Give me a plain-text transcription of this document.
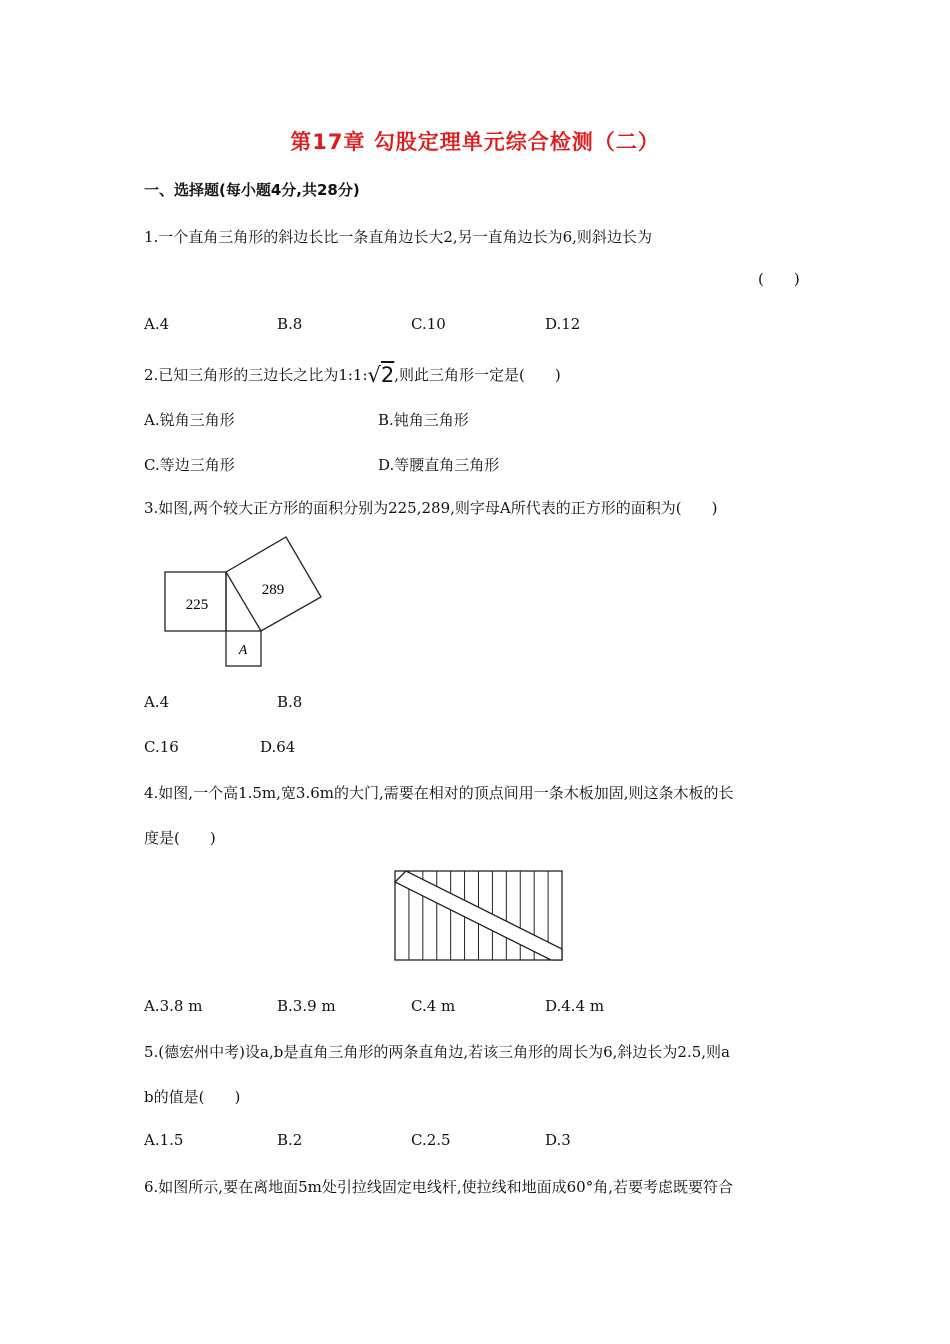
第17章 勾股定理单元综合检测（二）
一、选择题(每小题4分,共28分)
1.一个直角三角形的斜边长比一条直角边长大2,另一直角边长为6,则斜边长为
(　　)
A.4	B.8	C.10	D.12
2.已知三角形的三边长之比为1:1:√2,则此三角形一定是(　　)
A.锐角三角形	B.钝角三角形
C.等边三角形	D.等腰直角三角形
3.如图,两个较大正方形的面积分别为225,289,则字母A所代表的正方形的面积为(　　)
225
289
A
A.4	B.8
C.16	D.64
4.如图,一个高1.5m,宽3.6m的大门,需要在相对的顶点间用一条木板加固,则这条木板的长
度是(　　)
A.3.8 m	B.3.9 m	C.4 m	D.4.4 m
5.(德宏州中考)设a,b是直角三角形的两条直角边,若该三角形的周长为6,斜边长为2.5,则a
b的值是(　　)
A.1.5	B.2	C.2.5	D.3
6.如图所示,要在离地面5m处引拉线固定电线杆,使拉线和地面成60°角,若要考虑既要符合
